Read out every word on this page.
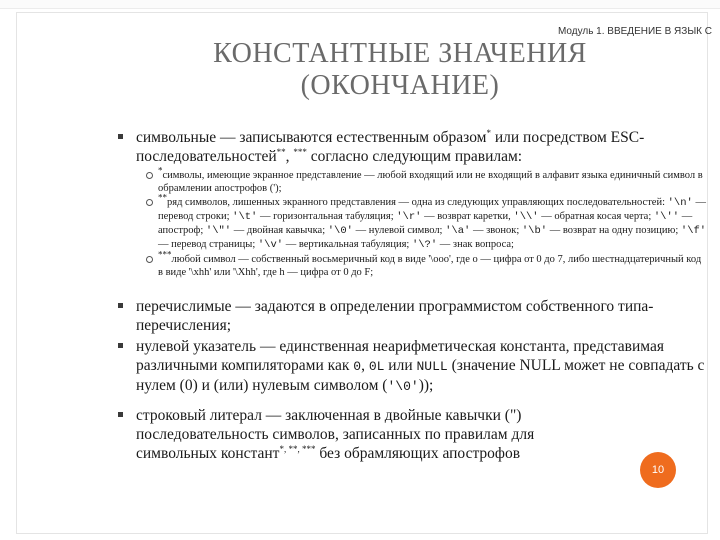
Модуль 1. ВВЕДЕНИЕ В ЯЗЫК С
КОНСТАНТНЫЕ ЗНАЧЕНИЯ
(ОКОНЧАНИЕ)
символьные — записываются естественным образом* или посредством ESC-последовательностей**, *** согласно следующим правилам:
*символы, имеющие экранное представление — любой входящий или не входящий в алфавит языка единичный символ в обрамлении апострофов (');
**ряд символов, лишенных экранного представления — одна из следующих управляющих последовательностей: '\n' — перевод строки; '\t' — горизонтальная табуляция; '\r' — возврат каретки, '\\' — обратная косая черта; '\'' — апостроф; '\"' — двойная кавычка; '\0' — нулевой символ; '\a' — звонок; '\b' — возврат на одну позицию; '\f' — перевод страницы; '\v' — вертикальная табуляция; '\?' — знак вопроса;
***любой символ — собственный восьмеричный код в виде '\ooo', где o — цифра от 0 до 7, либо шестнадцатеричный код в виде '\xhh' или '\Xhh', где h — цифра от 0 до F;
перечислимые — задаются в определении программистом собственного типа-перечисления;
нулевой указатель — единственная неарифметическая константа, представимая различными компиляторами как 0, 0L или NULL (значение NULL может не совпадать с нулем (0) и (или) нулевым символом ('\0'));
строковый литерал — заключенная в двойные кавычки (") последовательность символов, записанных по правилам для символьных констант*, **, *** без обрамляющих апострофов
10
